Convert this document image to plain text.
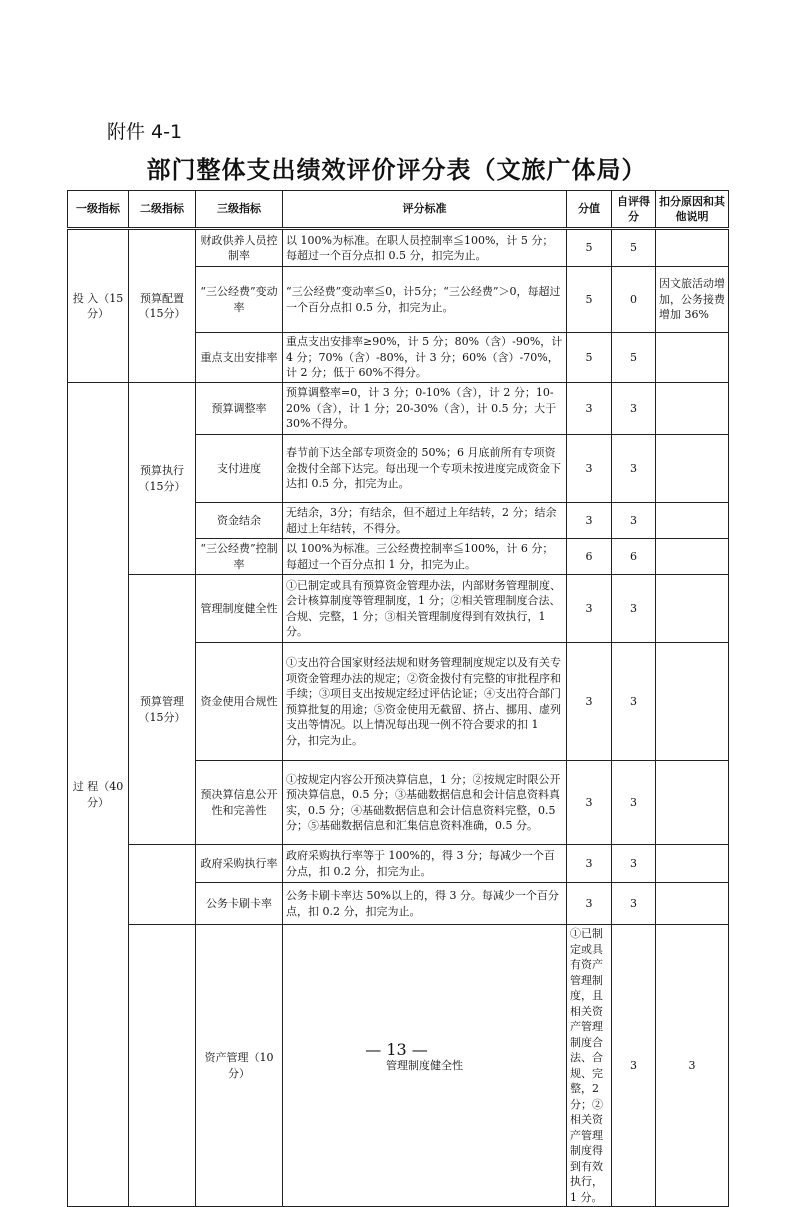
附件 4-1
部门整体支出绩效评价评分表（文旅广体局）
一级指标	二级指标	三级指标	评分标准	分值	自评得分	扣分原因和其他说明	
投 入（15分）	预算配置（15分）	财政供养人员控制率	以 100%为标准。在职人员控制率≦100%，计 5 分；每超过一个百分点扣 0.5 分，扣完为止。	5	5		
		“三公经费”变动率	“三公经费”变动率≦0，计5分；“三公经费”＞0，每超过一个百分点扣 0.5 分，扣完为止。	5	0	因文旅活动增加，公务接费增加 36%	
		重点支出安排率	重点支出安排率≥90%，计 5 分；80%（含）-90%，计 4 分；70%（含）-80%，计 3 分；60%（含）-70%，计 2 分；低于 60%不得分。	5	5		
过 程（40分）	预算执行（15分）	预算调整率	预算调整率=0，计 3 分；0-10%（含），计 2 分；10-20%（含），计 1 分；20-30%（含），计 0.5 分；大于 30%不得分。	3	3		
		支付进度	春节前下达全部专项资金的 50%；6 月底前所有专项资金拨付全部下达完。每出现一个专项未按进度完成资金下达扣 0.5 分，扣完为止。	3	3		
		资金结余	无结余，3分；有结余，但不超过上年结转，2 分；结余超过上年结转，不得分。	3	3		
		“三公经费”控制率	以 100%为标准。三公经费控制率≦100%，计 6 分；每超过一个百分点扣 1 分，扣完为止。	6	6		
	预算管理（15分）	管理制度健全性	①已制定或具有预算资金管理办法，内部财务管理制度、会计核算制度等管理制度，1 分；②相关管理制度合法、合规、完整，1 分；③相关管理制度得到有效执行，1 分。	3	3		
		资金使用合规性	①支出符合国家财经法规和财务管理制度规定以及有关专项资金管理办法的规定；②资金拨付有完整的审批程序和手续；③项目支出按规定经过评估论证；④支出符合部门预算批复的用途；⑤资金使用无截留、挤占、挪用、虚列支出等情况。以上情况每出现一例不符合要求的扣 1 分，扣完为止。	3	3		
		预决算信息公开性和完善性	①按规定内容公开预决算信息，1 分；②按规定时限公开预决算信息，0.5 分；③基础数据信息和会计信息资料真实，0.5 分；④基础数据信息和会计信息资料完整，0.5 分；⑤基础数据信息和汇集信息资料准确，0.5 分。	3	3		
		政府采购执行率	政府采购执行率等于 100%的，得 3 分；每减少一个百分点，扣 0.2 分，扣完为止。	3	3		
		公务卡刷卡率	公务卡刷卡率达 50%以上的，得 3 分。每减少一个百分点，扣 0.2 分，扣完为止。	3	3		
		资产管理（10分）	管理制度健全性	①已制定或具有资产管理制度，且相关资产管理制度合法、合规、完整，2 分；②相关资产管理制度得到有效执行，1 分。	3	3	
— 13 —
